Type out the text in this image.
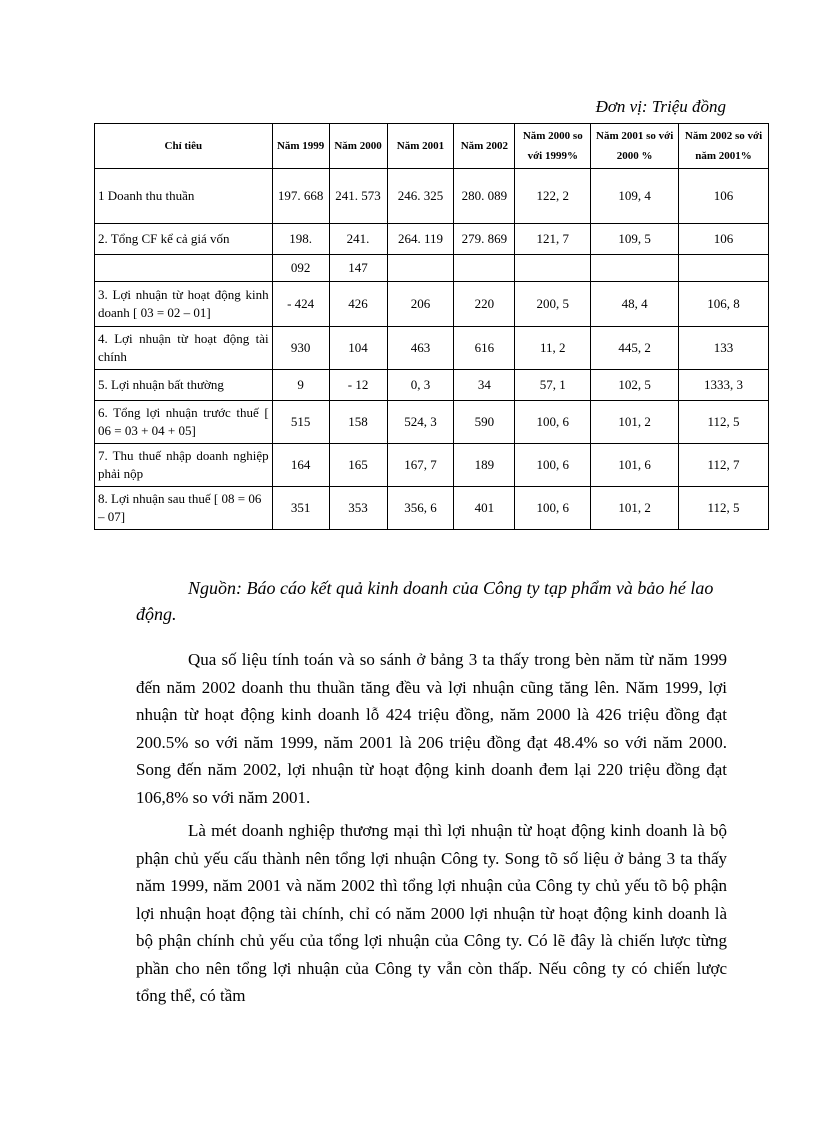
Đơn vị: Triệu đồng
Chỉ tiêu	Năm 1999	Năm 2000	Năm 2001	Năm 2002	Năm 2000 so với 1999%	Năm 2001 so với 2000 %	Năm 2002 so với năm 2001%
1 Doanh thu thuần	197. 668	241. 573	246. 325	280. 089	122, 2	109, 4	106
2. Tổng CF kể cả giá vốn	198.	241.	264. 119	279. 869	121, 7	109, 5	106
	092	147					
3. Lợi nhuận từ hoạt động kinh doanh [ 03 = 02 – 01]	- 424	426	206	220	200, 5	48, 4	106, 8
4. Lợi nhuận từ hoạt động tài chính	930	104	463	616	11, 2	445, 2	133
5. Lợi nhuận bất thường	9	- 12	0, 3	34	57, 1	102, 5	1333, 3
6. Tổng lợi nhuận trước thuế [ 06 = 03 + 04 + 05]	515	158	524, 3	590	100, 6	101, 2	112, 5
7. Thu thuế nhập doanh nghiệp phải nộp	164	165	167, 7	189	100, 6	101, 6	112, 7
8. Lợi nhuận sau thuế [ 08 = 06 – 07]	351	353	356, 6	401	100, 6	101, 2	112, 5
Nguồn: Báo cáo kết quả kinh doanh của Công ty tạp phẩm và bảo hé lao động.
Qua số liệu tính toán và so sánh ở bảng 3 ta thấy trong bèn năm từ năm 1999 đến năm 2002 doanh thu thuần tăng đều và lợi nhuận cũng tăng lên. Năm 1999, lợi nhuận từ hoạt động kinh doanh lỗ 424 triệu đồng, năm 2000 là 426 triệu đồng đạt 200.5% so với năm 1999, năm 2001 là 206 triệu đồng đạt 48.4% so với năm 2000. Song đến năm 2002, lợi nhuận từ hoạt động kinh doanh đem lại 220 triệu đồng đạt 106,8% so với năm 2001.
Là mét doanh nghiệp thương mại thì lợi nhuận từ hoạt động kinh doanh là bộ phận chủ yếu cấu thành nên tổng lợi nhuận Công ty. Song tõ số liệu ở bảng 3 ta thấy năm 1999, năm 2001 và năm 2002 thì tổng lợi nhuận của Công ty chủ yếu tõ bộ phận lợi nhuận hoạt động tài chính, chỉ có năm 2000 lợi nhuận từ hoạt động kinh doanh là bộ phận chính chủ yếu của tổng lợi nhuận của Công ty. Có lẽ đây là chiến lược từng phần cho nên tổng lợi nhuận của Công ty vẫn còn thấp. Nếu công ty có chiến lược tổng thể, có tầm
